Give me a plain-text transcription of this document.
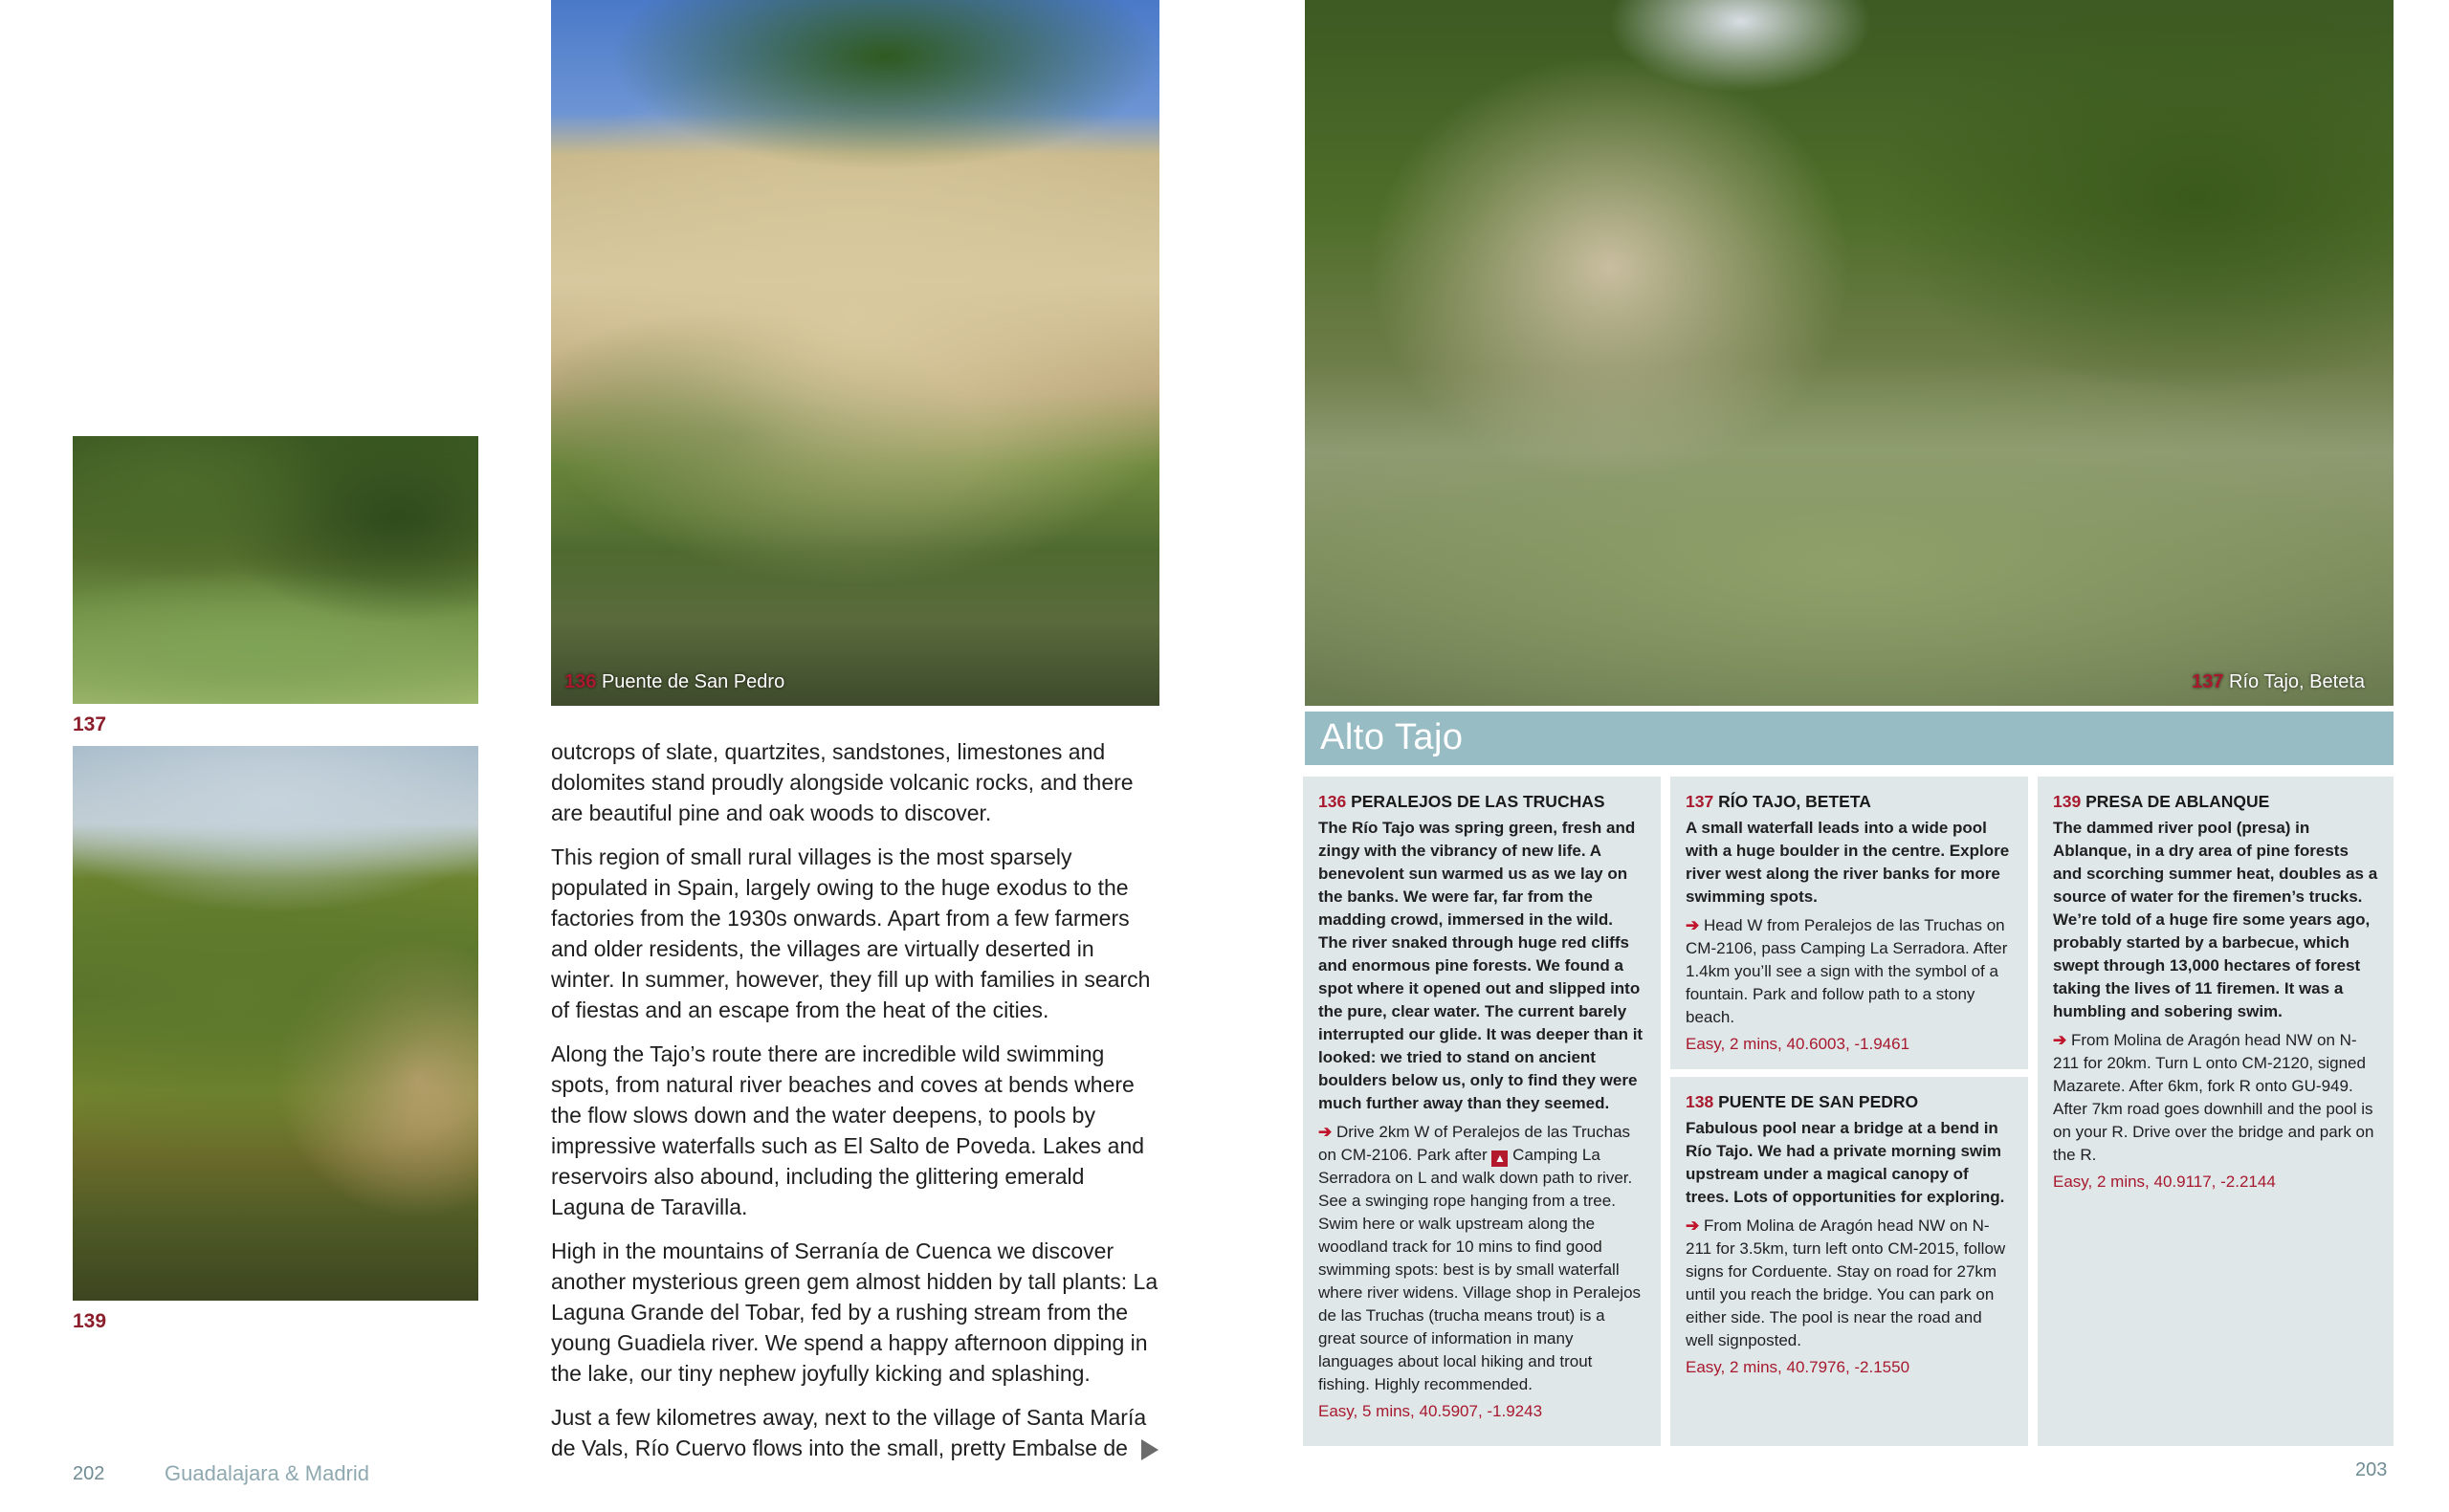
137
139
136 Puente de San Pedro

outcrops of slate, quartzites, sandstones, limestones and dolomites stand proudly alongside volcanic rocks, and there are beautiful pine and oak woods to discover.

This region of small rural villages is the most sparsely populated in Spain, largely owing to the huge exodus to the factories from the 1930s onwards. Apart from a few farmers and older residents, the villages are virtually deserted in winter. In summer, however, they fill up with families in search of fiestas and an escape from the heat of the cities.

Along the Tajo’s route there are incredible wild swimming spots, from natural river beaches and coves at bends where the flow slows down and the water deepens, to pools by impressive waterfalls such as El Salto de Poveda. Lakes and reservoirs also abound, including the glittering emerald Laguna de Taravilla.

High in the mountains of Serranía de Cuenca we discover another mysterious green gem almost hidden by tall plants: La Laguna Grande del Tobar, fed by a rushing stream from the young Guadiela river. We spend a happy afternoon dipping in the lake, our tiny nephew joyfully kicking and splashing.

Just a few kilometres away, next to the village of Santa María de Vals, Río Cuervo flows into the small, pretty Embalse de

202	Guadalajara & Madrid
137 Río Tajo, Beteta
Alto Tajo
136 PERALEJOS DE LAS TRUCHAS
The Río Tajo was spring green, fresh and zingy with the vibrancy of new life. A benevolent sun warmed us as we lay on the banks. We were far, far from the madding crowd, immersed in the wild. The river snaked through huge red cliffs and enormous pine forests. We found a spot where it opened out and slipped into the pure, clear water. The current barely interrupted our glide. It was deeper than it looked: we tried to stand on ancient boulders below us, only to find they were much further away than they seemed.
➔ Drive 2km W of Peralejos de las Truchas on CM-2106. Park after ▲ Camping La Serradora on L and walk down path to river. See a swinging rope hanging from a tree. Swim here or walk upstream along the woodland track for 10 mins to find good swimming spots: best is by small waterfall where river widens. Village shop in Peralejos de las Truchas (trucha means trout) is a great source of information in many languages about local hiking and trout fishing. Highly recommended.
Easy, 5 mins, 40.5907, -1.9243
137 RÍO TAJO, BETETA
A small waterfall leads into a wide pool with a huge boulder in the centre. Explore river west along the river banks for more swimming spots.
➔ Head W from Peralejos de las Truchas on CM-2106, pass Camping La Serradora. After 1.4km you’ll see a sign with the symbol of a fountain. Park and follow path to a stony beach.
Easy, 2 mins, 40.6003, -1.9461
138 PUENTE DE SAN PEDRO
Fabulous pool near a bridge at a bend in Río Tajo. We had a private morning swim upstream under a magical canopy of trees. Lots of opportunities for exploring.
➔ From Molina de Aragón head NW on N-211 for 3.5km, turn left onto CM-2015, follow signs for Corduente. Stay on road for 27km until you reach the bridge. You can park on either side. The pool is near the road and well signposted.
Easy, 2 mins, 40.7976, -2.1550
139 PRESA DE ABLANQUE
The dammed river pool (presa) in Ablanque, in a dry area of pine forests and scorching summer heat, doubles as a source of water for the firemen’s trucks. We’re told of a huge fire some years ago, probably started by a barbecue, which swept through 13,000 hectares of forest taking the lives of 11 firemen. It was a humbling and sobering swim.
➔ From Molina de Aragón head NW on N-211 for 20km. Turn L onto CM-2120, signed Mazarete. After 6km, fork R onto GU-949. After 7km road goes downhill and the pool is on your R. Drive over the bridge and park on the R.
Easy, 2 mins, 40.9117, -2.2144
203
